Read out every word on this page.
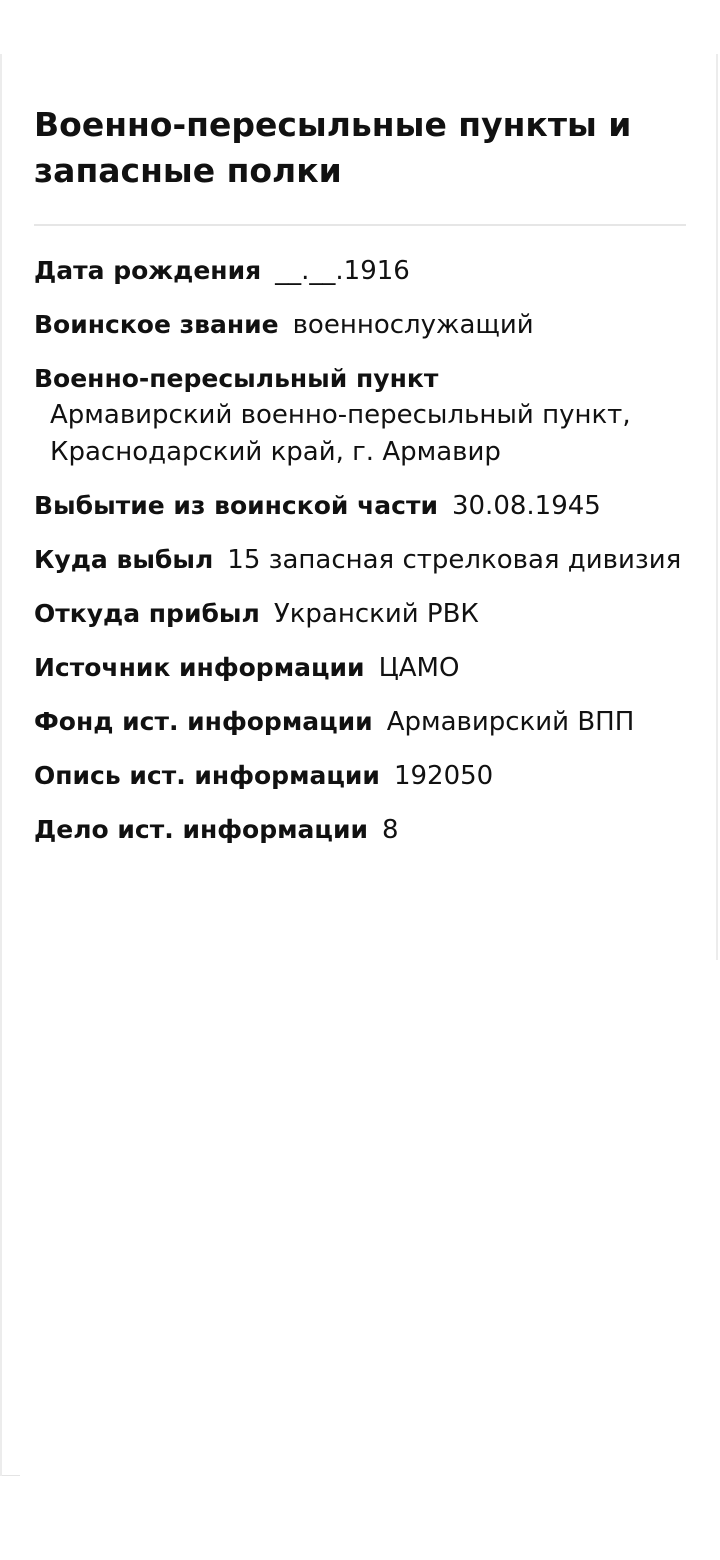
Военно-пересыльные пункты и запасные полки
Дата рождения __.__.1916
Воинское звание военнослужащий
Военно-пересыльный пункт
Армавирский военно-пересыльный пункт, Краснодарский край, г. Армавир
Выбытие из воинской части 30.08.1945
Куда выбыл 15 запасная стрелковая дивизия
Откуда прибыл Укранский РВК
Источник информации ЦАМО
Фонд ист. информации Армавирский ВПП
Опись ист. информации 192050
Дело ист. информации 8
